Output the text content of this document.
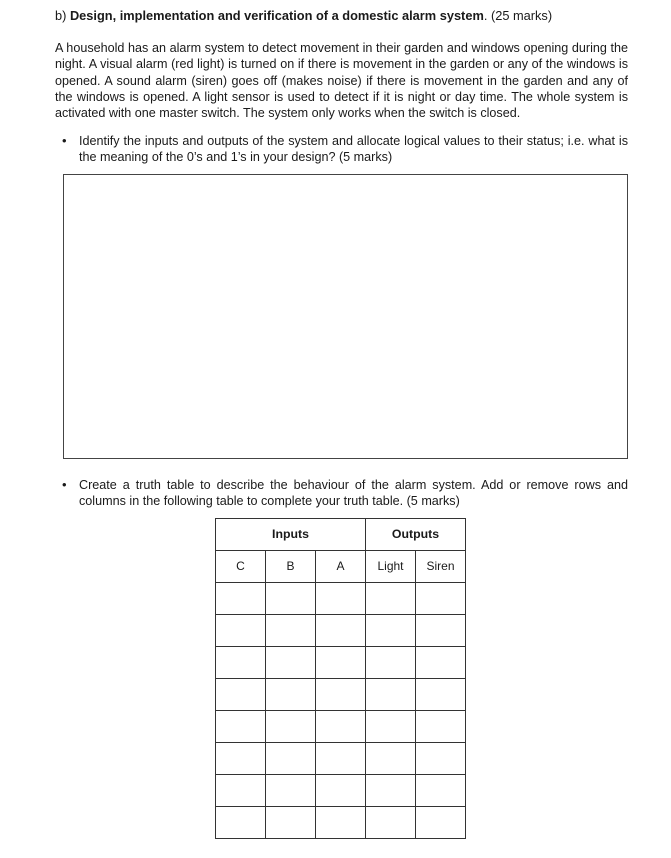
b) Design, implementation and verification of a domestic alarm system. (25 marks)
A household has an alarm system to detect movement in their garden and windows opening during the night. A visual alarm (red light) is turned on if there is movement in the garden or any of the windows is opened. A sound alarm (siren) goes off (makes noise) if there is movement in the garden and any of the windows is opened. A light sensor is used to detect if it is night or day time. The whole system is activated with one master switch. The system only works when the switch is closed.
• Identify the inputs and outputs of the system and allocate logical values to their status; i.e. what is the meaning of the 0’s and 1’s in your design? (5 marks)
• Create a truth table to describe the behaviour of the alarm system. Add or remove rows and columns in the following table to complete your truth table. (5 marks)
Inputs			Outputs	
C	B	A	Light	Siren
